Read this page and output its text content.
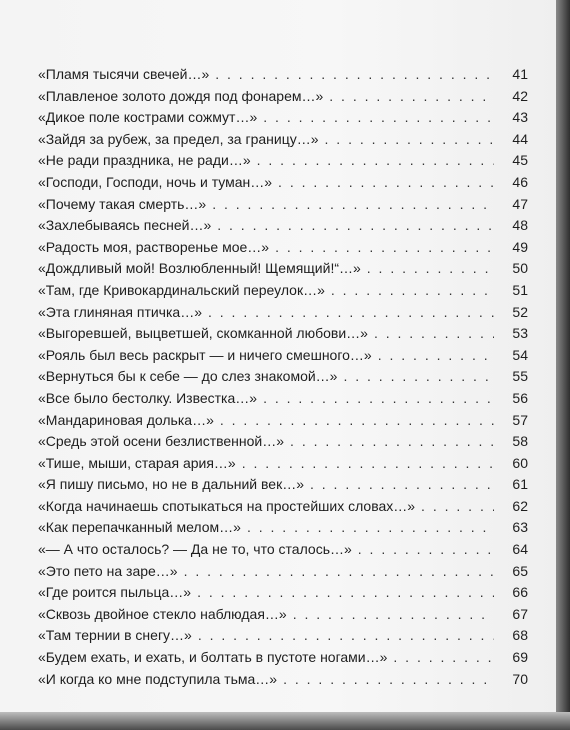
«Пламя тысячи свечей…» . . .	41
«Плавленое золото дождя под фонарем…» . . .	42
«Дикое поле кострами сожмут…» . . .	43
«Зайдя за рубеж, за предел, за границу…» . . .	44
«Не ради праздника, не ради…» . . .	45
«Господи, Господи, ночь и туман…» . . .	46
«Почему такая смерть…» . . .	47
«Захлебываясь песней…» . . .	48
«Радость моя, растворенье мое…» . . .	49
«Дождливый мой! Возлюбленный! Щемящий!“…» . . .	50
«Там, где Кривокардинальский переулок…» . . .	51
«Эта глиняная птичка…» . . .	52
«Выгоревшей, выцветшей, скомканной любови…» . . .	53
«Рояль был весь раскрыт — и ничего смешного…» . . .	54
«Вернуться бы к себе — до слез знакомой…» . . .	55
«Все было бестолку. Известка…» . . .	56
«Мандариновая долька…» . . .	57
«Средь этой осени безлиственной…» . . .	58
«Тише, мыши, старая ария…» . . .	60
«Я пишу письмо, но не в дальний век…» . . .	61
«Когда начинаешь спотыкаться на простейших словах…» . . .	62
«Как перепачканный мелом…» . . .	63
«— А что осталось? — Да не то, что сталось…» . . .	64
«Это пето на заре…» . . .	65
«Где роится пыльца…» . . .	66
«Сквозь двойное стекло наблюдая…» . . .	67
«Там тернии в снегу…» . . .	68
«Будем ехать, и ехать, и болтать в пустоте ногами…» . . .	69
«И когда ко мне подступила тьма…» . . .	70
